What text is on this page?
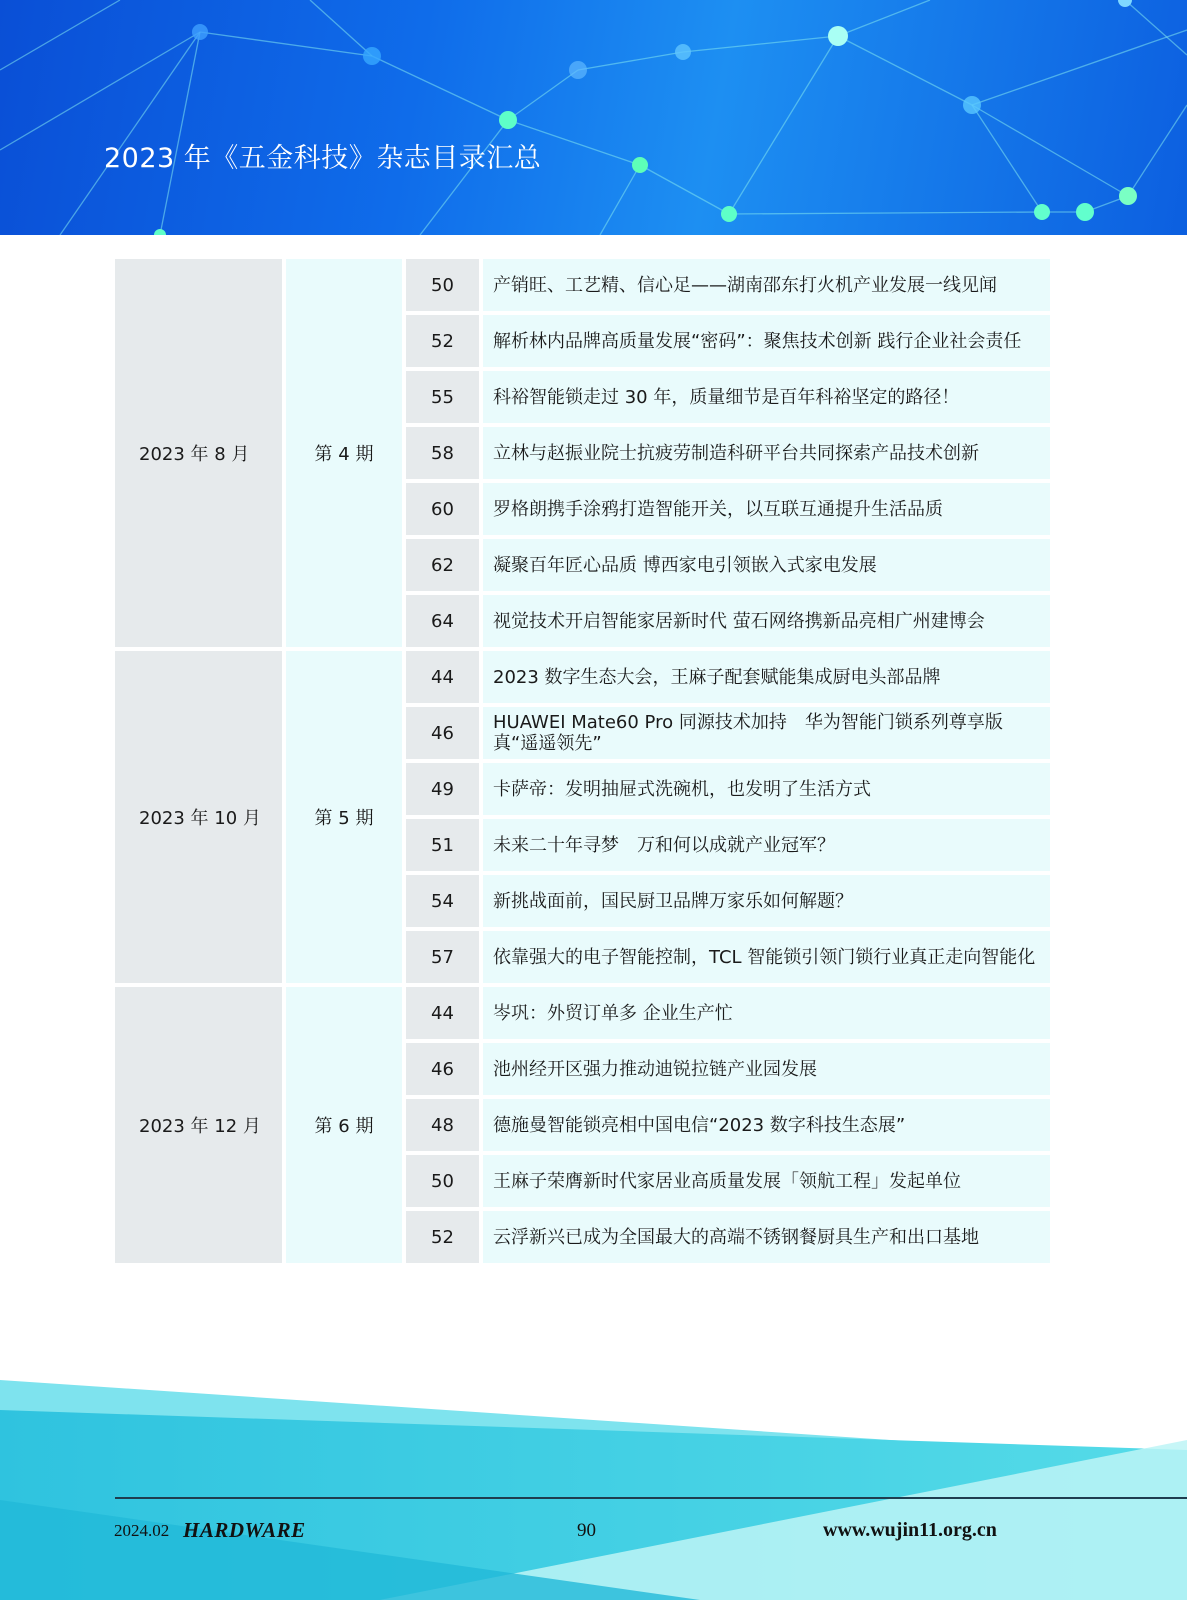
2023 年《五金科技》杂志目录汇总
2023 年 8 月	第 4 期	50	产销旺、工艺精、信心足——湖南邵东打火机产业发展一线见闻
		52	解析林内品牌高质量发展“密码”：聚焦技术创新 践行企业社会责任
		55	科裕智能锁走过 30 年，质量细节是百年科裕坚定的路径！
		58	立林与赵振业院士抗疲劳制造科研平台共同探索产品技术创新
		60	罗格朗携手涂鸦打造智能开关，以互联互通提升生活品质
		62	凝聚百年匠心品质 博西家电引领嵌入式家电发展
		64	视觉技术开启智能家居新时代 萤石网络携新品亮相广州建博会
2023 年 10 月	第 5 期	44	2023 数字生态大会，王麻子配套赋能集成厨电头部品牌
		46	HUAWEI Mate60 Pro 同源技术加持　华为智能门锁系列尊享版真“遥遥领先”
		49	卡萨帝：发明抽屉式洗碗机，也发明了生活方式
		51	未来二十年寻梦　万和何以成就产业冠军？
		54	新挑战面前，国民厨卫品牌万家乐如何解题？
		57	依靠强大的电子智能控制，TCL 智能锁引领门锁行业真正走向智能化
2023 年 12 月	第 6 期	44	岑巩：外贸订单多 企业生产忙
		46	池州经开区强力推动迪锐拉链产业园发展
		48	德施曼智能锁亮相中国电信“2023 数字科技生态展”
		50	王麻子荣膺新时代家居业高质量发展「领航工程」发起单位
		52	云浮新兴已成为全国最大的高端不锈钢餐厨具生产和出口基地
2024.02 HARDWARE	90	www.wujin11.org.cn
